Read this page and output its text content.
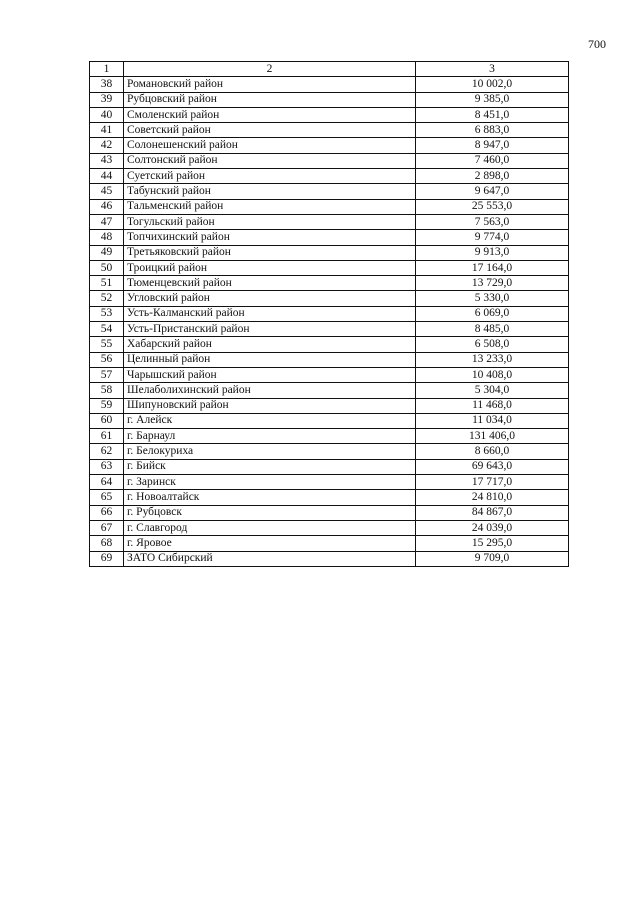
700
1	2	3
38	Романовский район	10 002,0
39	Рубцовский район	9 385,0
40	Смоленский район	8 451,0
41	Советский район	6 883,0
42	Солонешенский район	8 947,0
43	Солтонский район	7 460,0
44	Суетский район	2 898,0
45	Табунский район	9 647,0
46	Тальменский район	25 553,0
47	Тогульский район	7 563,0
48	Топчихинский район	9 774,0
49	Третьяковский район	9 913,0
50	Троицкий район	17 164,0
51	Тюменцевский район	13 729,0
52	Угловский район	5 330,0
53	Усть-Калманский район	6 069,0
54	Усть-Пристанский район	8 485,0
55	Хабарский район	6 508,0
56	Целинный район	13 233,0
57	Чарышский район	10 408,0
58	Шелаболихинский район	5 304,0
59	Шипуновский район	11 468,0
60	г. Алейск	11 034,0
61	г. Барнаул	131 406,0
62	г. Белокуриха	8 660,0
63	г. Бийск	69 643,0
64	г. Заринск	17 717,0
65	г. Новоалтайск	24 810,0
66	г. Рубцовск	84 867,0
67	г. Славгород	24 039,0
68	г. Яровое	15 295,0
69	ЗАТО Сибирский	9 709,0
